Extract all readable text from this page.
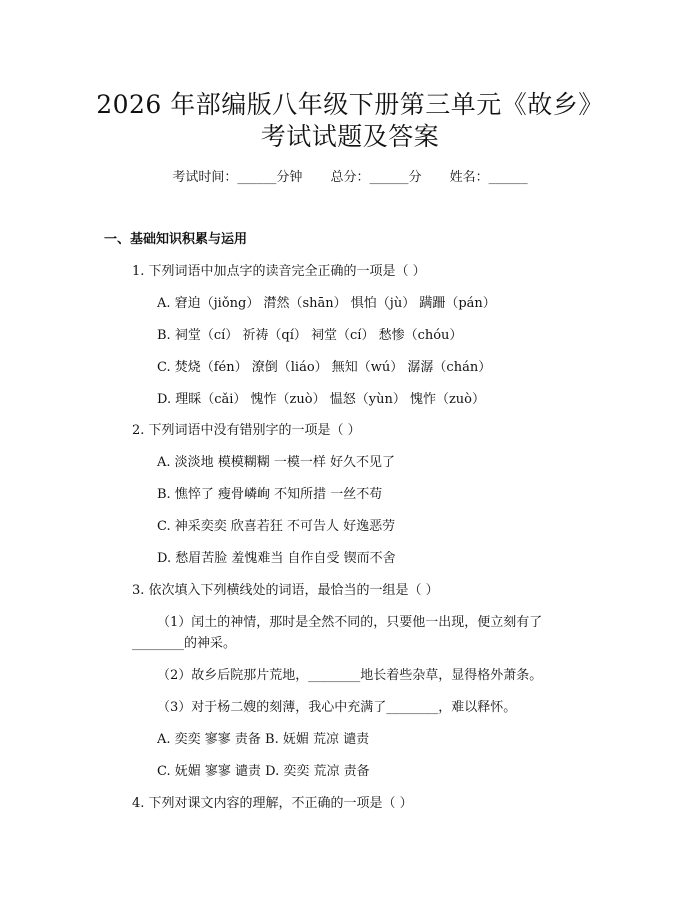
2026 年部编版八年级下册第三单元《故乡》
考试试题及答案
考试时间：______分钟 总分：______分 姓名：______
一、基础知识积累与运用
1. 下列词语中加点字的读音完全正确的一项是（ ）
A. 窘迫（jiǒng） 潸然（shān） 惧怕（jù） 蹒跚（pán）
B. 祠堂（cí） 祈祷（qí） 祠堂（cí） 愁惨（chóu）
C. 焚烧（fén） 潦倒（liáo） 無知（wú） 潺潺（chán）
D. 理睬（cǎi） 愧怍（zuò） 愠怒（yùn） 愧怍（zuò）
2. 下列词语中没有错别字的一项是（ ）
A. 淡淡地 模模糊糊 一模一样 好久不见了
B. 憔悴了 瘦骨嶙峋 不知所措 一丝不苟
C. 神采奕奕 欣喜若狂 不可告人 好逸恶劳
D. 愁眉苦脸 羞愧难当 自作自受 锲而不舍
3. 依次填入下列横线处的词语，最恰当的一组是（ ）
（1）闰土的神情，那时是全然不同的，只要他一出现，便立刻有了
________的神采。
（2）故乡后院那片荒地，________地长着些杂草，显得格外萧条。
（3）对于杨二嫂的刻薄，我心中充满了________，难以释怀。
A. 奕奕 寥寥 责备 B. 妩媚 荒凉 谴责
C. 妩媚 寥寥 谴责 D. 奕奕 荒凉 责备
4. 下列对课文内容的理解，不正确的一项是（ ）
